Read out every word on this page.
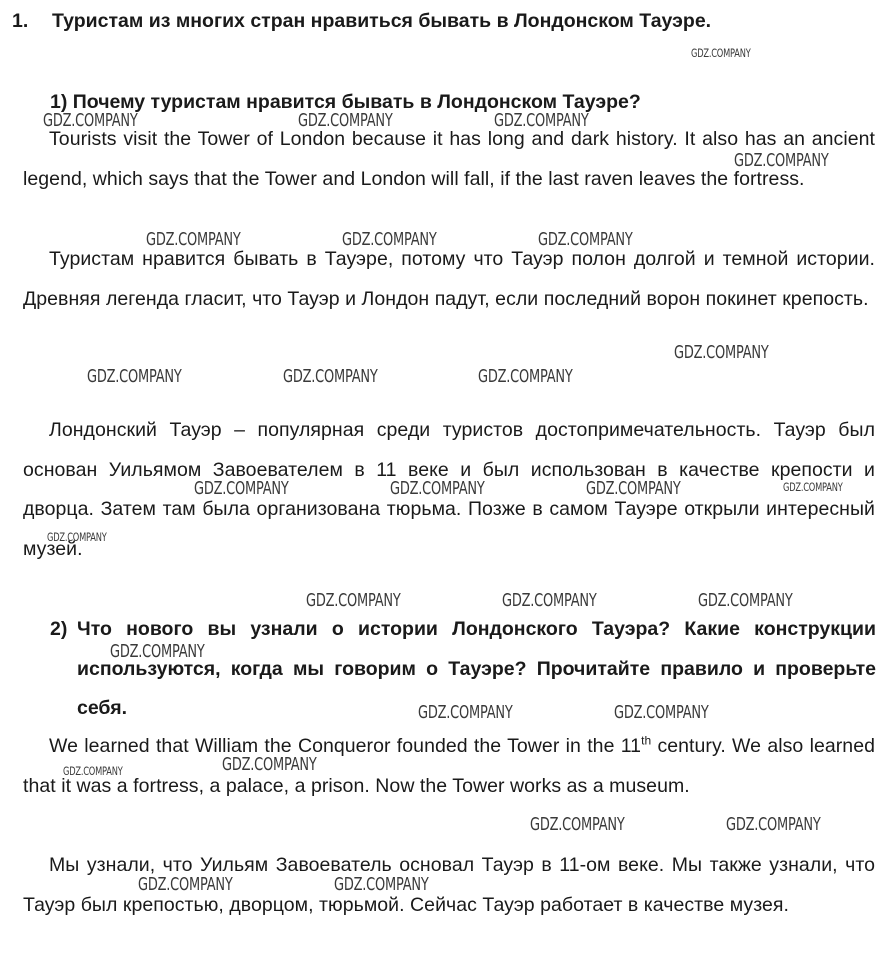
1. Туристам из многих стран нравиться бывать в Лондонском Тауэре.
1) Почему туристам нравится бывать в Лондонском Тауэре?

Tourists visit the Tower of London because it has long and dark history. It also has an ancient legend, which says that the Tower and London will fall, if the last raven leaves the fortress.

Туристам нравится бывать в Тауэре, потому что Тауэр полон долгой и темной истории. Древняя легенда гласит, что Тауэр и Лондон падут, если последний ворон покинет крепость.

Лондонский Тауэр – популярная среди туристов достопримечательность. Тауэр был основан Уильямом Завоевателем в 11 веке и был использован в качестве крепости и дворца. Затем там была организована тюрьма. Позже в самом Тауэре открыли интересный музей.

2) Что нового вы узнали о истории Лондонского Тауэра? Какие конструкции используются, когда мы говорим о Тауэре? Прочитайте правило и проверьте себя.

We learned that William the Conqueror founded the Tower in the 11th century. We also learned that it was a fortress, a palace, a prison. Now the Tower works as a museum.

Мы узнали, что Уильям Завоеватель основал Тауэр в 11-ом веке. Мы также узнали, что Тауэр был крепостью, дворцом, тюрьмой. Сейчас Тауэр работает в качестве музея.

GDZ.COMPANY
GDZ.COMPANY	GDZ.COMPANY	GDZ.COMPANY
GDZ.COMPANY
GDZ.COMPANY	GDZ.COMPANY	GDZ.COMPANY
GDZ.COMPANY
GDZ.COMPANY	GDZ.COMPANY	GDZ.COMPANY
GDZ.COMPANY
GDZ.COMPANY	GDZ.COMPANY	GDZ.COMPANY
GDZ.COMPANY
GDZ.COMPANY	GDZ.COMPANY	GDZ.COMPANY
GDZ.COMPANY
GDZ.COMPANY	GDZ.COMPANY
GDZ.COMPANY
GDZ.COMPANY
GDZ.COMPANY	GDZ.COMPANY
GDZ.COMPANY	GDZ.COMPANY
